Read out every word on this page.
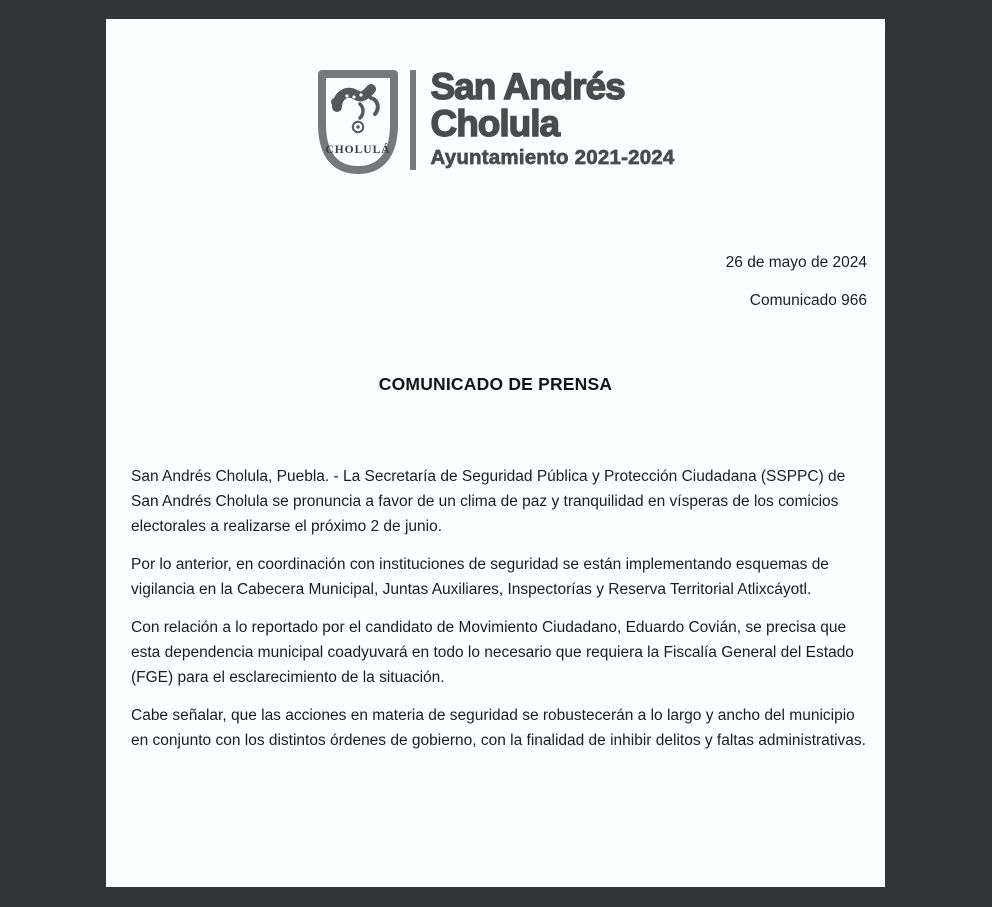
CHOLULÁ
San Andrés
Cholula
Ayuntamiento 2021-2024
26 de mayo de 2024
Comunicado 966
COMUNICADO DE PRENSA

San Andrés Cholula, Puebla. - La Secretaría de Seguridad Pública y Protección Ciudadana (SSPPC) de San Andrés Cholula se pronuncia a favor de un clima de paz y tranquilidad en vísperas de los comicios electorales a realizarse el próximo 2 de junio.

Por lo anterior, en coordinación con instituciones de seguridad se están implementando esquemas de vigilancia en la Cabecera Municipal, Juntas Auxiliares, Inspectorías y Reserva Territorial Atlixcáyotl.

Con relación a lo reportado por el candidato de Movimiento Ciudadano, Eduardo Covián, se precisa que esta dependencia municipal coadyuvará en todo lo necesario que requiera la Fiscalía General del Estado (FGE) para el esclarecimiento de la situación.

Cabe señalar, que las acciones en materia de seguridad se robustecerán a lo largo y ancho del municipio en conjunto con los distintos órdenes de gobierno, con la finalidad de inhibir delitos y faltas administrativas.
